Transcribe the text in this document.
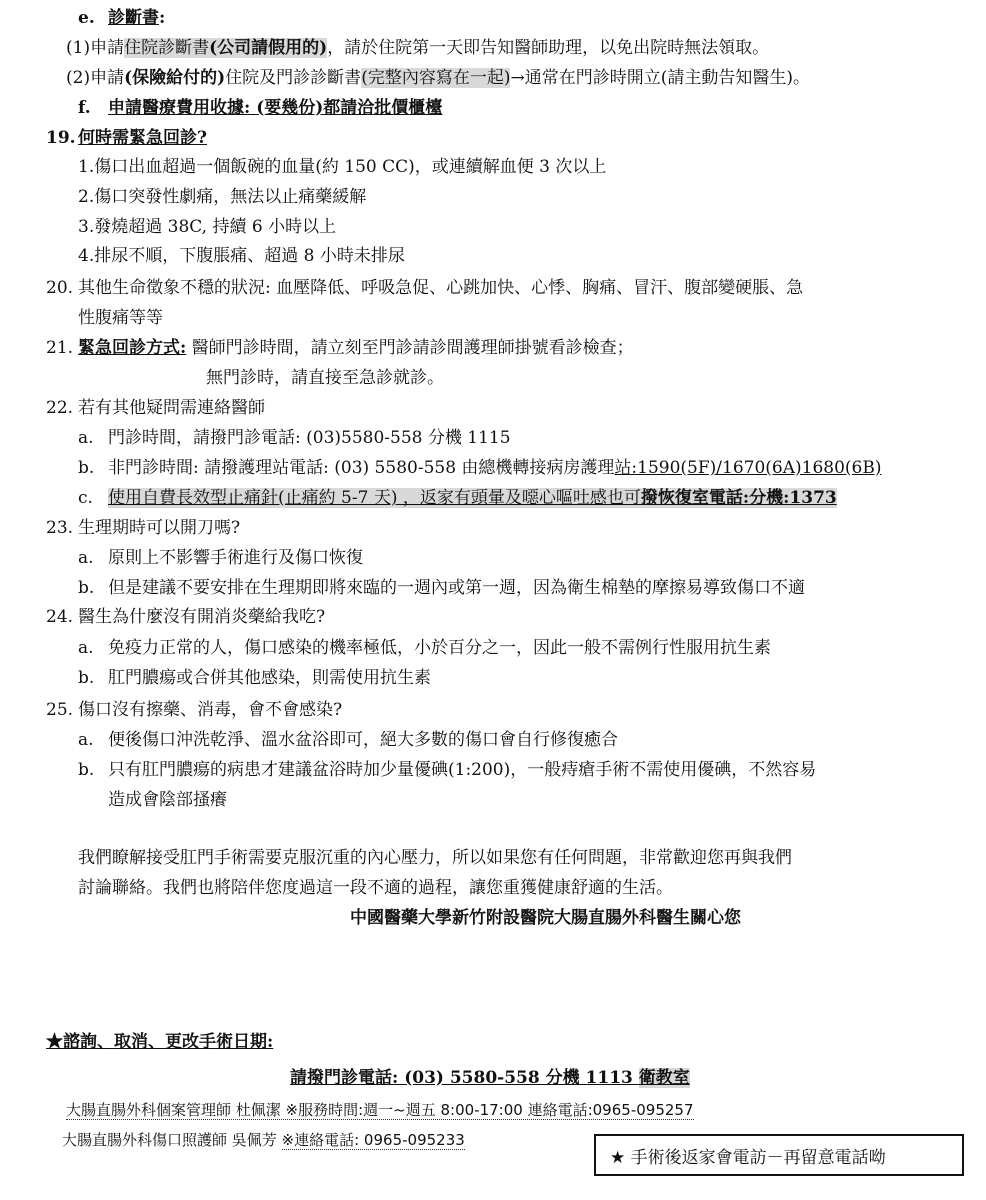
e. 診斷書:
(1)申請住院診斷書(公司請假用的)，請於住院第一天即告知醫師助理，以免出院時無法領取。
(2)申請(保險給付的)住院及門診診斷書(完整內容寫在一起)→通常在門診時開立(請主動告知醫生)。
f. 申請醫療費用收據: (要幾份)都請洽批價櫃檯
19. 何時需緊急回診?
1.傷口出血超過一個飯碗的血量(約 150 CC)，或連續解血便 3 次以上
2.傷口突發性劇痛，無法以止痛藥緩解
3.發燒超過 38C, 持續 6 小時以上
4.排尿不順，下腹脹痛、超過 8 小時未排尿
20. 其他生命徵象不穩的狀況: 血壓降低、呼吸急促、心跳加快、心悸、胸痛、冒汗、腹部變硬脹、急
性腹痛等等
21. 緊急回診方式: 醫師門診時間，請立刻至門診請診間護理師掛號看診檢查；
無門診時，請直接至急診就診。
22. 若有其他疑問需連絡醫師
a. 門診時間，請撥門診電話: (03)5580-558 分機 1115
b. 非門診時間: 請撥護理站電話: (03) 5580-558 由總機轉接病房護理站:1590(5F)/1670(6A)1680(6B)
c. 使用自費長效型止痛針(止痛約 5-7 天) ，返家有頭暈及噁心嘔吐感也可撥恢復室電話:分機:1373
23. 生理期時可以開刀嗎?
a. 原則上不影響手術進行及傷口恢復
b. 但是建議不要安排在生理期即將來臨的一週內或第一週，因為衛生棉墊的摩擦易導致傷口不適
24. 醫生為什麼沒有開消炎藥給我吃?
a. 免疫力正常的人，傷口感染的機率極低，小於百分之一，因此一般不需例行性服用抗生素
b. 肛門膿瘍或合併其他感染，則需使用抗生素
25. 傷口沒有擦藥、消毒，會不會感染?
a. 便後傷口沖洗乾淨、溫水盆浴即可，絕大多數的傷口會自行修復癒合
b. 只有肛門膿瘍的病患才建議盆浴時加少量優碘(1:200)，一般痔瘡手術不需使用優碘，不然容易
造成會陰部搔癢
我們瞭解接受肛門手術需要克服沉重的內心壓力，所以如果您有任何問題，非常歡迎您再與我們
討論聯絡。我們也將陪伴您度過這一段不適的過程，讓您重獲健康舒適的生活。
中國醫藥大學新竹附設醫院大腸直腸外科醫生關心您
★諮詢、取消、更改手術日期:
請撥門診電話: (03) 5580-558 分機 1113 衛教室
大腸直腸外科個案管理師 杜佩潔 ※服務時間:週一~週五 8:00-17:00 連絡電話:0965-095257
大腸直腸外科傷口照護師 吳佩芳 ※連絡電話: 0965-095233
★ 手術後返家會電訪－再留意電話呦
